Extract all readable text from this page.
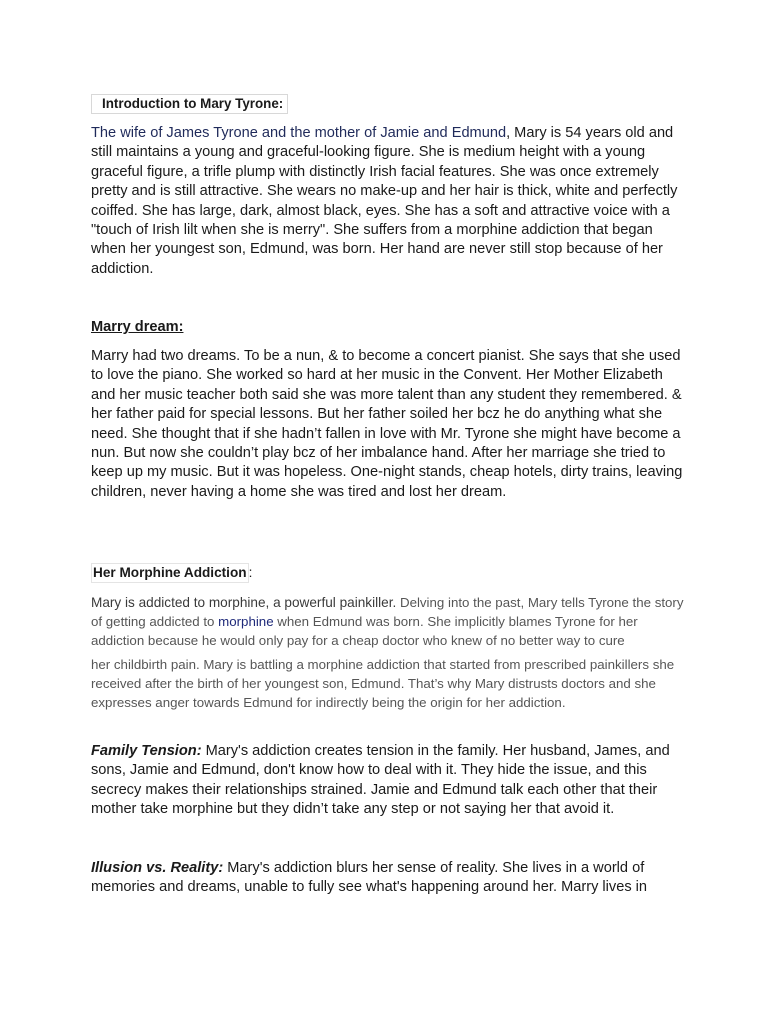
Introduction to Mary Tyrone:

The wife of James Tyrone and the mother of Jamie and Edmund, Mary is 54 years old and still maintains a young and graceful-looking figure. She is medium height with a young graceful figure, a trifle plump with distinctly Irish facial features. She was once extremely pretty and is still attractive. She wears no make-up and her hair is thick, white and perfectly coiffed. She has large, dark, almost black, eyes. She has a soft and attractive voice with a "touch of Irish lilt when she is merry". She suffers from a morphine addiction that began when her youngest son, Edmund, was born. Her hand are never still stop because of her addiction.

Marry dream:

Marry had two dreams. To be a nun, & to become a concert pianist. She says that she used to love the piano. She worked so hard at her music in the Convent. Her Mother Elizabeth and her music teacher both said she was more talent than any student they remembered. & her father paid for special lessons. But her father soiled her bcz he do anything what she need. She thought that if she hadn’t fallen in love with Mr. Tyrone she might have become a nun. But now she couldn’t play bcz of her imbalance hand. After her marriage she tried to keep up my music. But it was hopeless. One-night stands, cheap hotels, dirty trains, leaving children, never having a home she was tired and lost her dream.

Her Morphine Addiction :

Mary is addicted to morphine, a powerful painkiller. Delving into the past, Mary tells Tyrone the story of getting addicted to morphine when Edmund was born. She implicitly blames Tyrone for her addiction because he would only pay for a cheap doctor who knew of no better way to cure

her childbirth pain. Mary is battling a morphine addiction that started from prescribed painkillers she received after the birth of her youngest son, Edmund. That’s why Mary distrusts doctors and she expresses anger towards Edmund for indirectly being the origin for her addiction.

Family Tension: Mary's addiction creates tension in the family. Her husband, James, and sons, Jamie and Edmund, don't know how to deal with it. They hide the issue, and this secrecy makes their relationships strained. Jamie and Edmund talk each other that their mother take morphine but they didn’t take any step or not saying her that avoid it.

Illusion vs. Reality: Mary's addiction blurs her sense of reality. She lives in a world of memories and dreams, unable to fully see what's happening around her. Marry lives in
